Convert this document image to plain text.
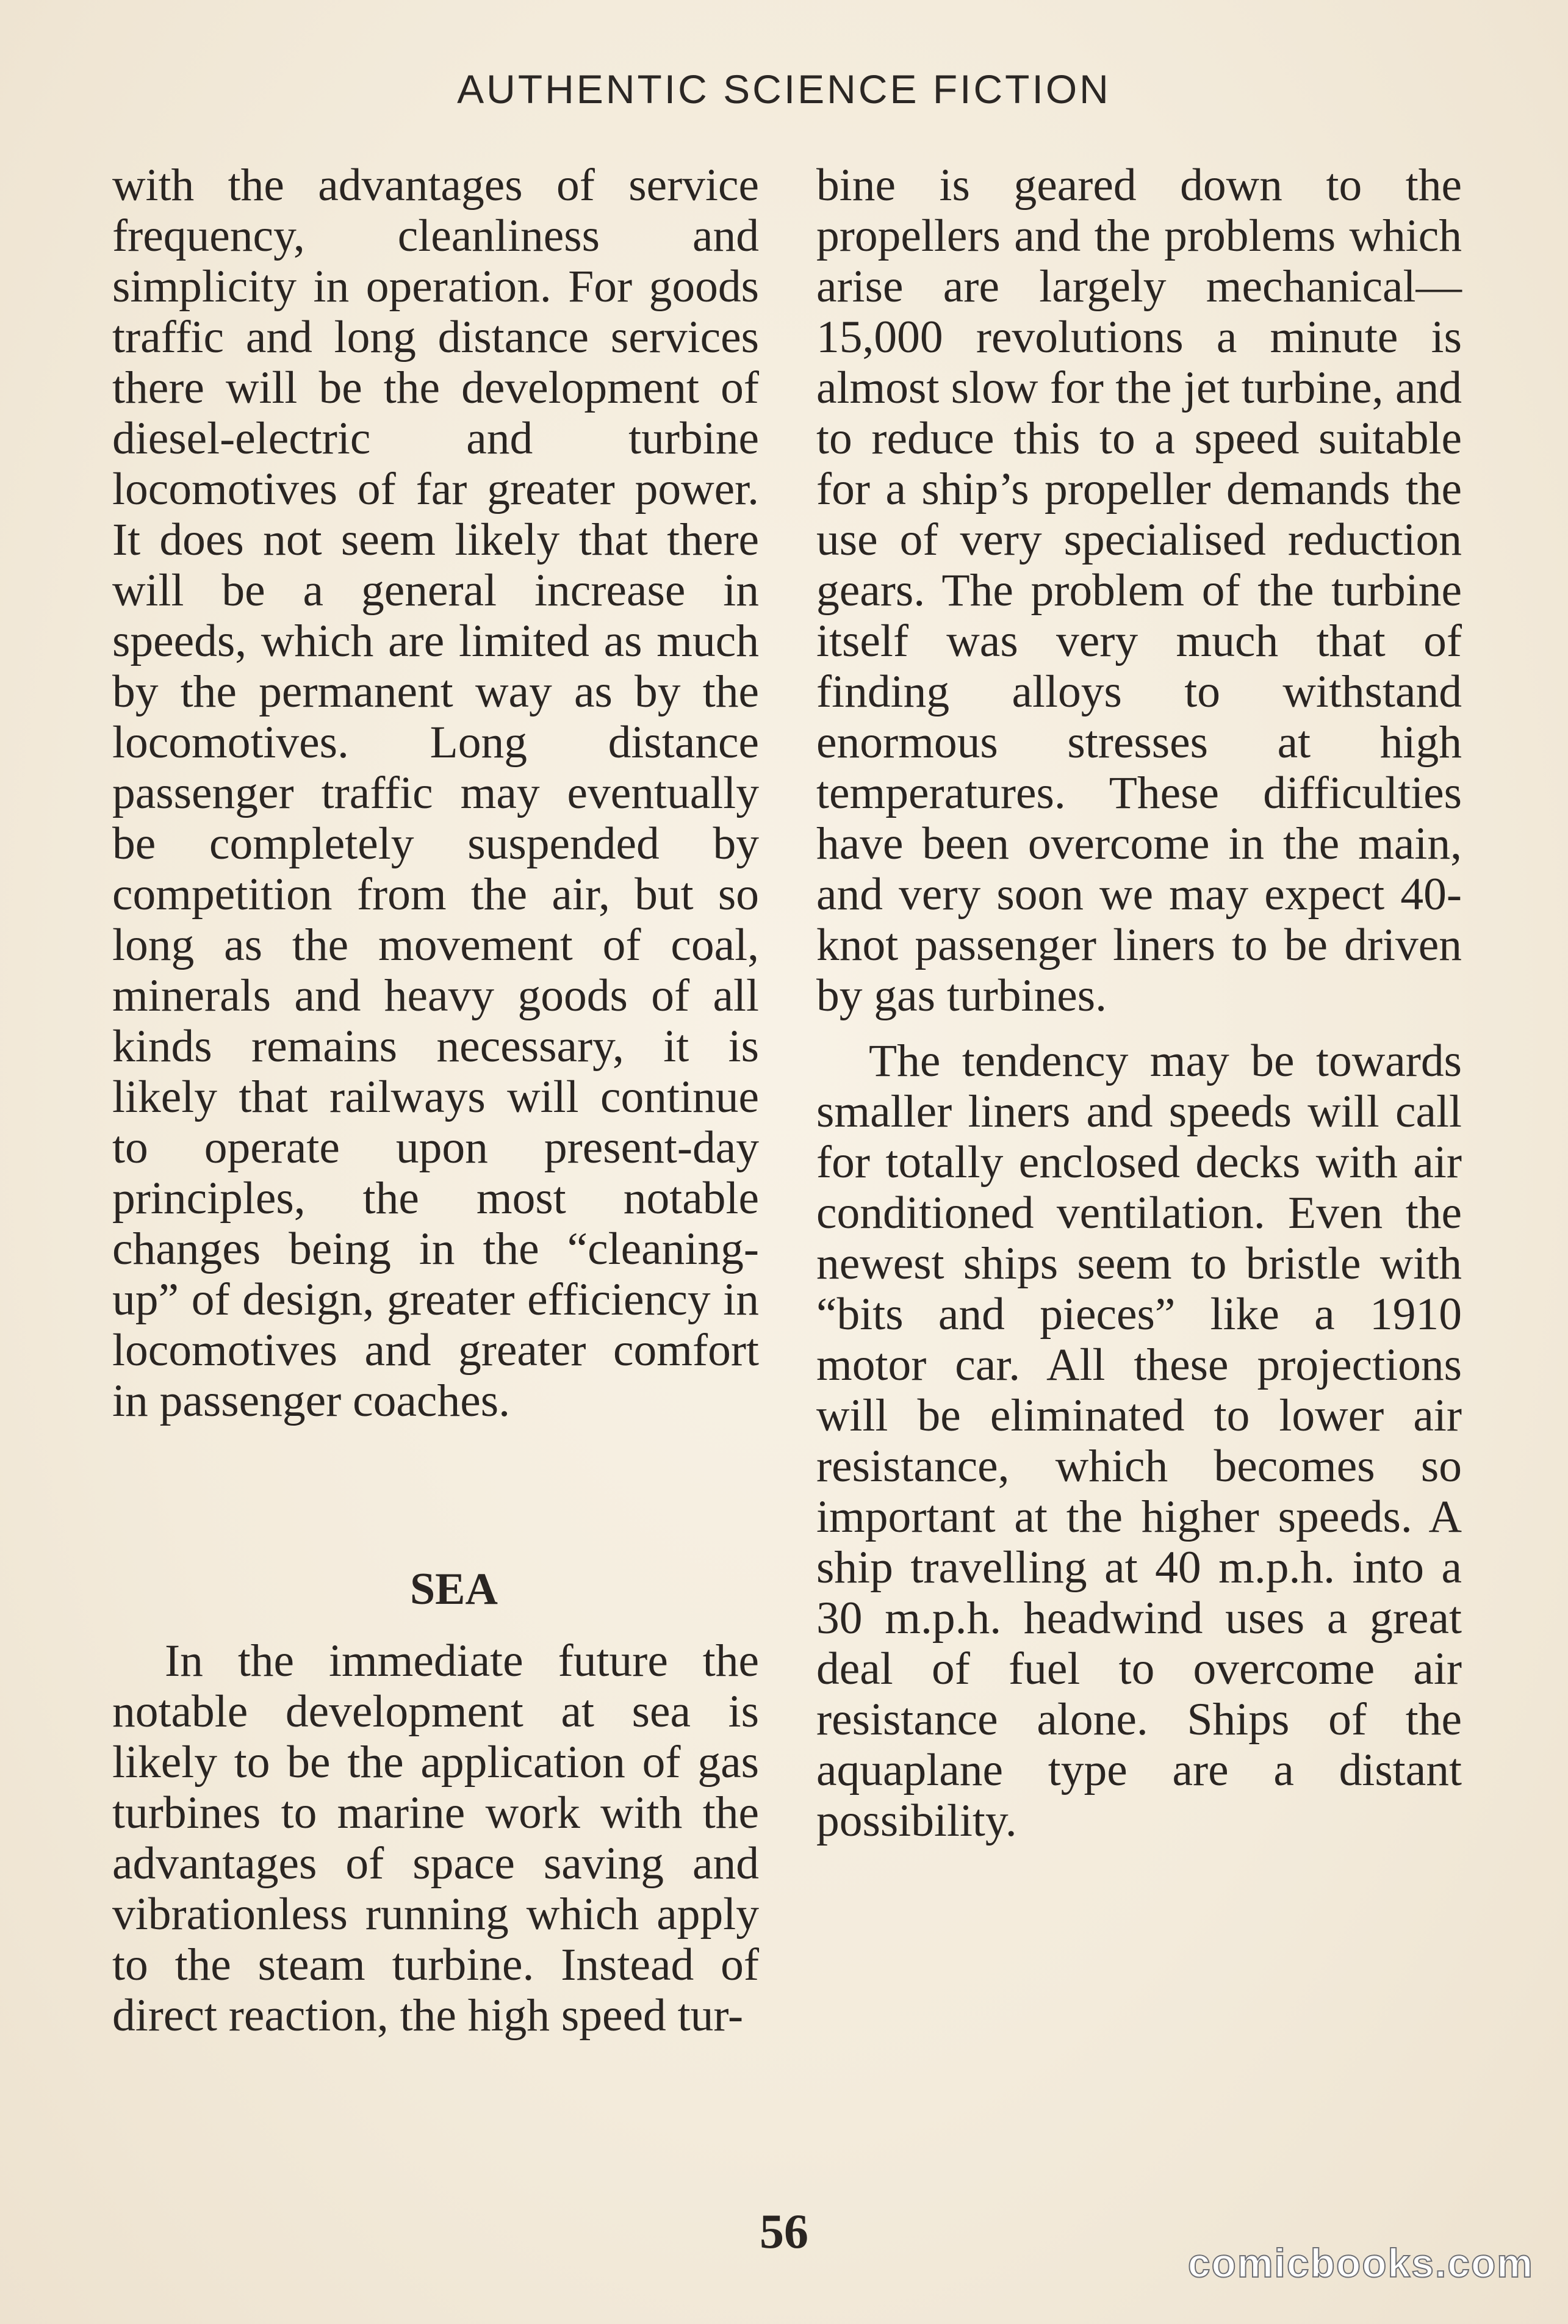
AUTHENTIC SCIENCE FICTION

with the advantages of service frequency, cleanliness and simplicity in operation. For goods traffic and long distance services there will be the development of diesel-electric and turbine locomotives of far greater power. It does not seem likely that there will be a general increase in speeds, which are limited as much by the permanent way as by the locomotives. Long distance passenger traffic may eventually be completely suspended by competition from the air, but so long as the movement of coal, minerals and heavy goods of all kinds remains necessary, it is likely that railways will continue to operate upon present-day principles, the most notable changes being in the “cleaning-up” of design, greater efficiency in locomotives and greater comfort in passenger coaches.

SEA

In the immediate future the notable development at sea is likely to be the application of gas turbines to marine work with the advantages of space saving and vibrationless running which apply to the steam turbine. Instead of direct reaction, the high speed tur-

bine is geared down to the propellers and the problems which arise are largely mechanical—15,000 revolutions a minute is almost slow for the jet turbine, and to reduce this to a speed suitable for a ship’s propeller demands the use of very specialised reduction gears. The problem of the turbine itself was very much that of finding alloys to withstand enormous stresses at high temperatures. These difficulties have been overcome in the main, and very soon we may expect 40-knot passenger liners to be driven by gas turbines.

The tendency may be towards smaller liners and speeds will call for totally enclosed decks with air conditioned ventilation. Even the newest ships seem to bristle with “bits and pieces” like a 1910 motor car. All these projections will be eliminated to lower air resistance, which becomes so important at the higher speeds. A ship travelling at 40 m.p.h. into a 30 m.p.h. headwind uses a great deal of fuel to overcome air resistance alone. Ships of the aquaplane type are a distant possibility.

56
comicbooks.com
